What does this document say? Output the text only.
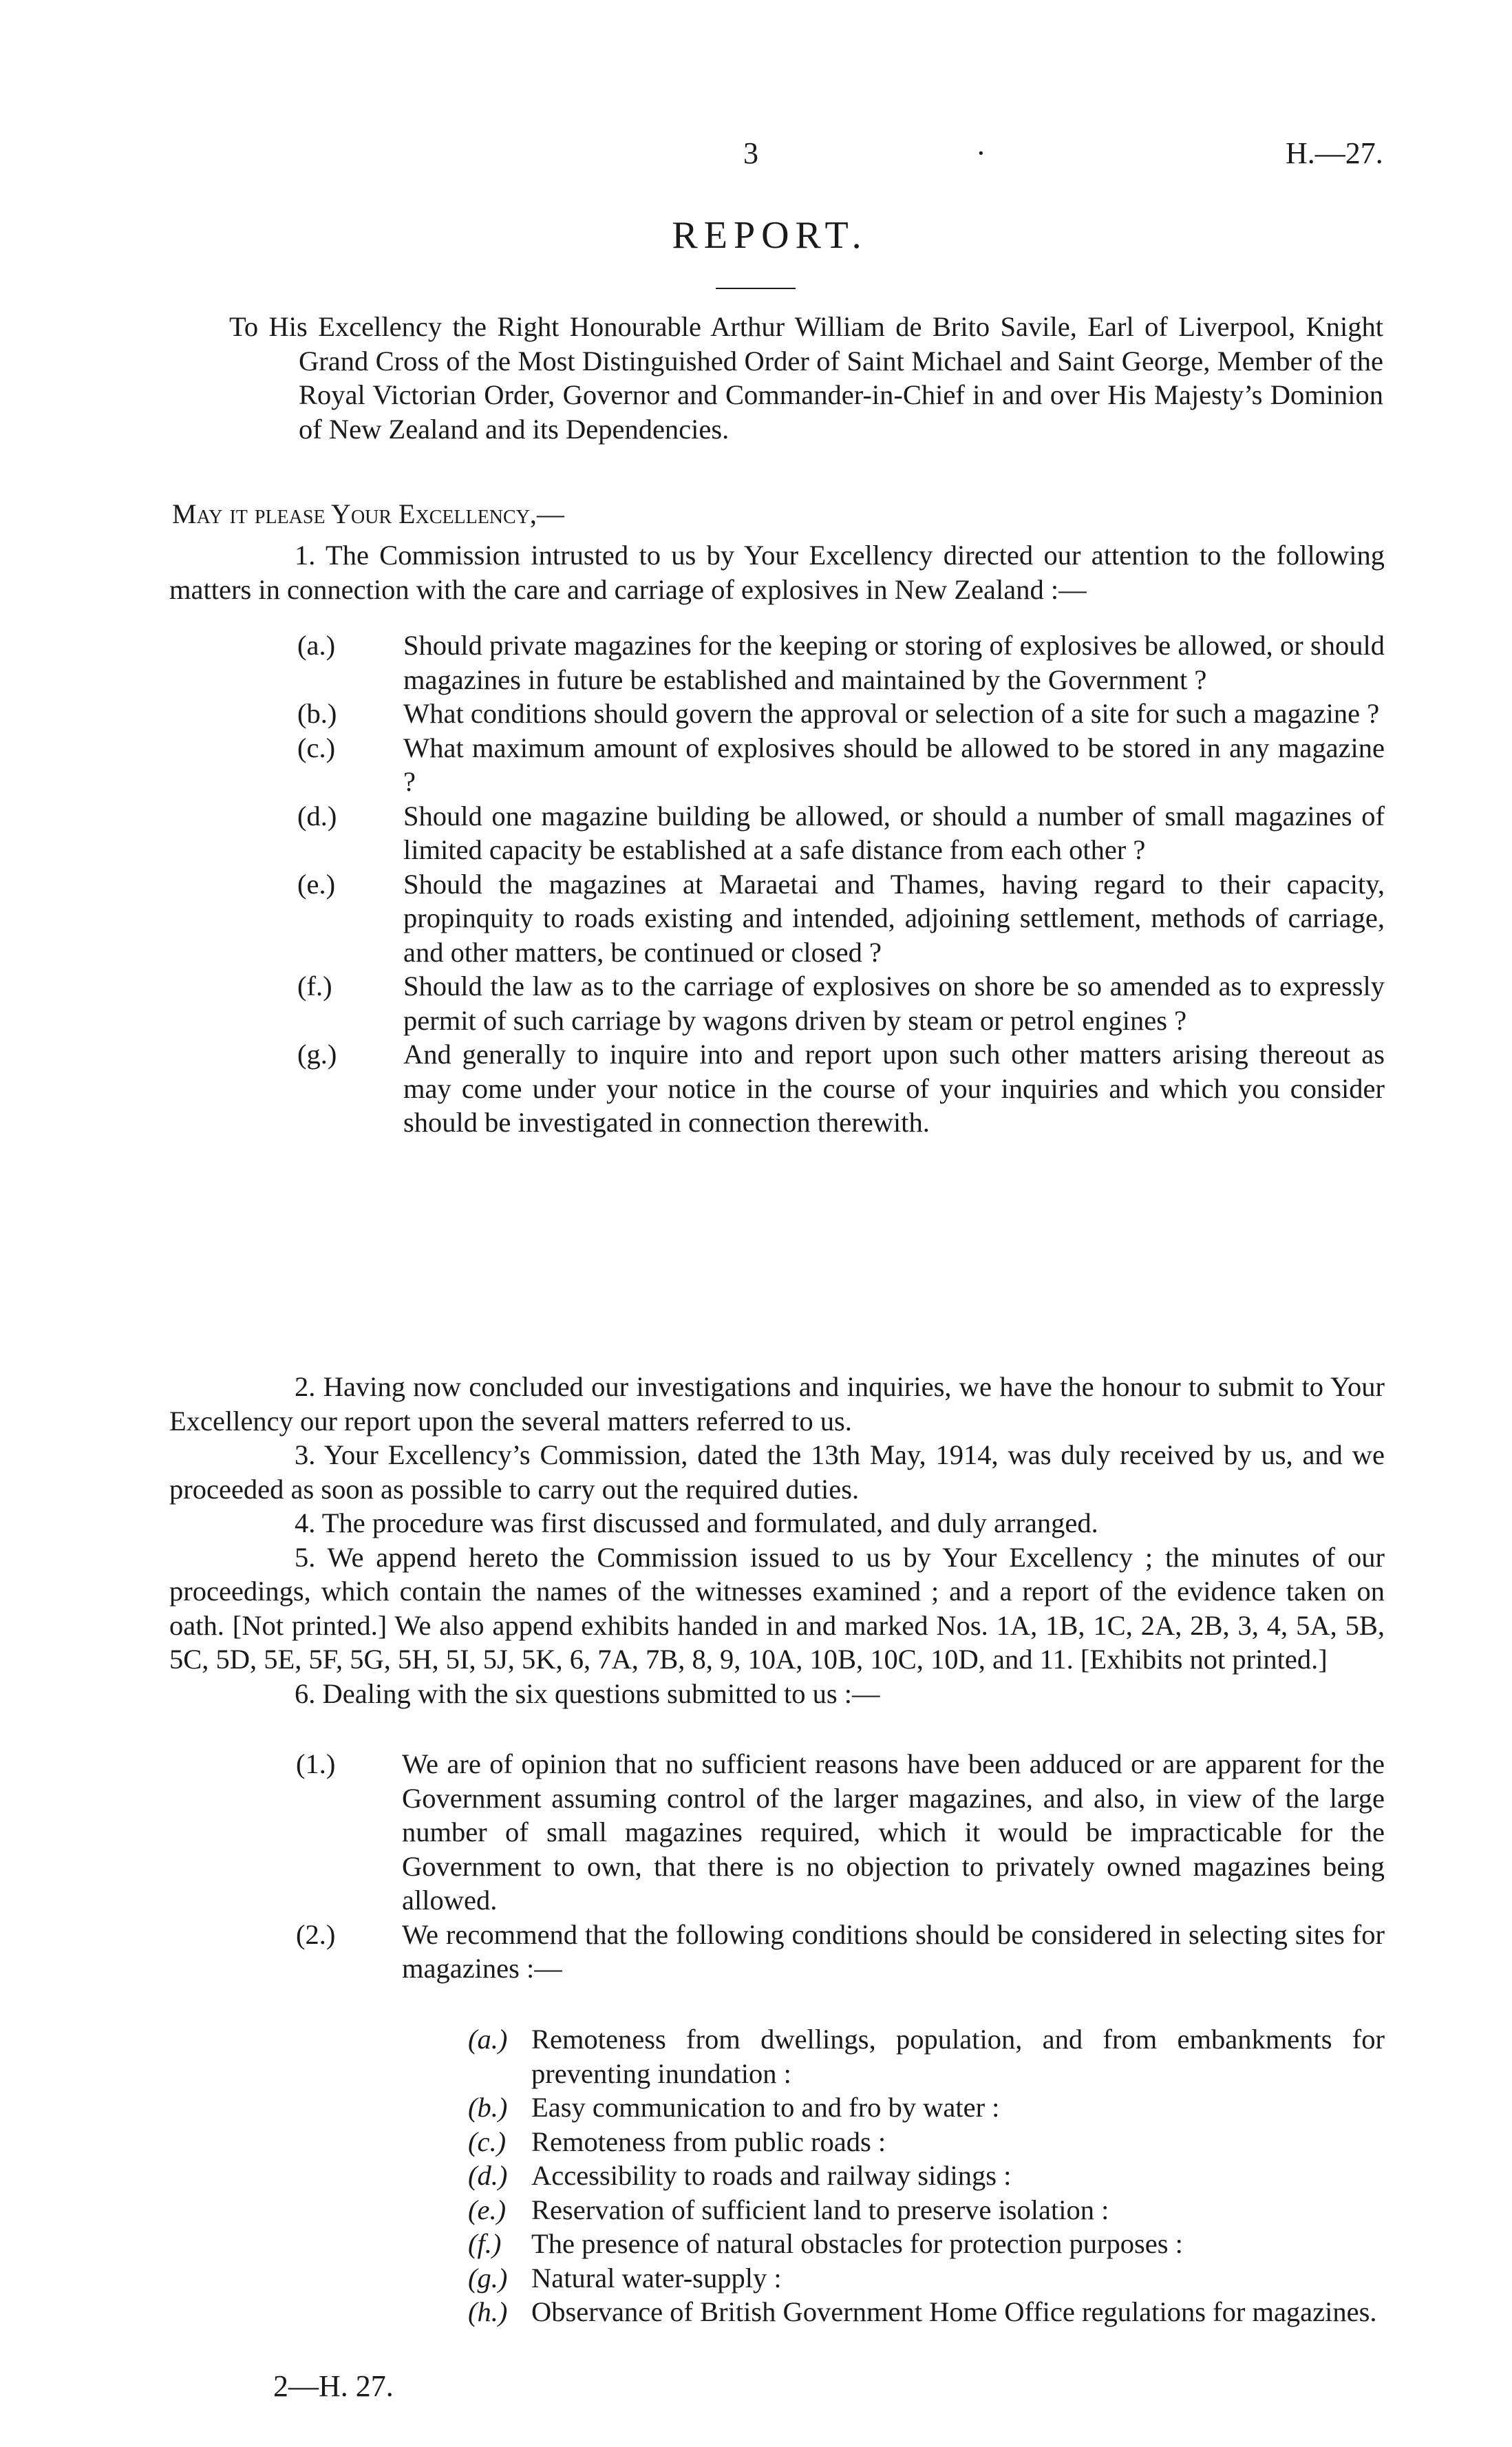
3	·	H.—27.
REPORT.
To His Excellency the Right Honourable Arthur William de Brito Savile, Earl of Liverpool, Knight Grand Cross of the Most Distinguished Order of Saint Michael and Saint George, Member of the Royal Victorian Order, Governor and Commander-in-Chief in and over His Majesty’s Dominion of New Zealand and its Dependencies.
May it please Your Excellency,—
1. The Commission intrusted to us by Your Excellency directed our attention to the following matters in connection with the care and carriage of explosives in New Zealand :—
(a.)	Should private magazines for the keeping or storing of explosives be allowed, or should magazines in future be established and maintained by the Government ?
(b.)	What conditions should govern the approval or selection of a site for such a magazine ?
(c.)	What maximum amount of explosives should be allowed to be stored in any magazine ?
(d.)	Should one magazine building be allowed, or should a number of small magazines of limited capacity be established at a safe distance from each other ?
(e.)	Should the magazines at Maraetai and Thames, having regard to their capacity, propinquity to roads existing and intended, adjoining settlement, methods of carriage, and other matters, be continued or closed ?
(f.)	Should the law as to the carriage of explosives on shore be so amended as to expressly permit of such carriage by wagons driven by steam or petrol engines ?
(g.)	And generally to inquire into and report upon such other matters arising thereout as may come under your notice in the course of your inquiries and which you consider should be investigated in connection therewith.
2. Having now concluded our investigations and inquiries, we have the honour to submit to Your Excellency our report upon the several matters referred to us.
3. Your Excellency’s Commission, dated the 13th May, 1914, was duly received by us, and we proceeded as soon as possible to carry out the required duties.
4. The procedure was first discussed and formulated, and duly arranged.
5. We append hereto the Commission issued to us by Your Excellency ; the minutes of our proceedings, which contain the names of the witnesses examined ; and a report of the evidence taken on oath. [Not printed.] We also append exhibits handed in and marked Nos. 1A, 1B, 1C, 2A, 2B, 3, 4, 5A, 5B, 5C, 5D, 5E, 5F, 5G, 5H, 5I, 5J, 5K, 6, 7A, 7B, 8, 9, 10A, 10B, 10C, 10D, and 11. [Exhibits not printed.]
6. Dealing with the six questions submitted to us :—
(1.)	We are of opinion that no sufficient reasons have been adduced or are apparent for the Government assuming control of the larger magazines, and also, in view of the large number of small magazines required, which it would be impracticable for the Government to own, that there is no objection to privately owned magazines being allowed.
(2.)	We recommend that the following conditions should be considered in selecting sites for magazines :—
(a.) Remoteness from dwellings, population, and from embankments for preventing inundation :
(b.) Easy communication to and fro by water :
(c.) Remoteness from public roads :
(d.) Accessibility to roads and railway sidings :
(e.) Reservation of sufficient land to preserve isolation :
(f.)	The presence of natural obstacles for protection purposes :
(g.) Natural water-supply :
(h.) Observance of British Government Home Office regulations for magazines.
2—H. 27.
